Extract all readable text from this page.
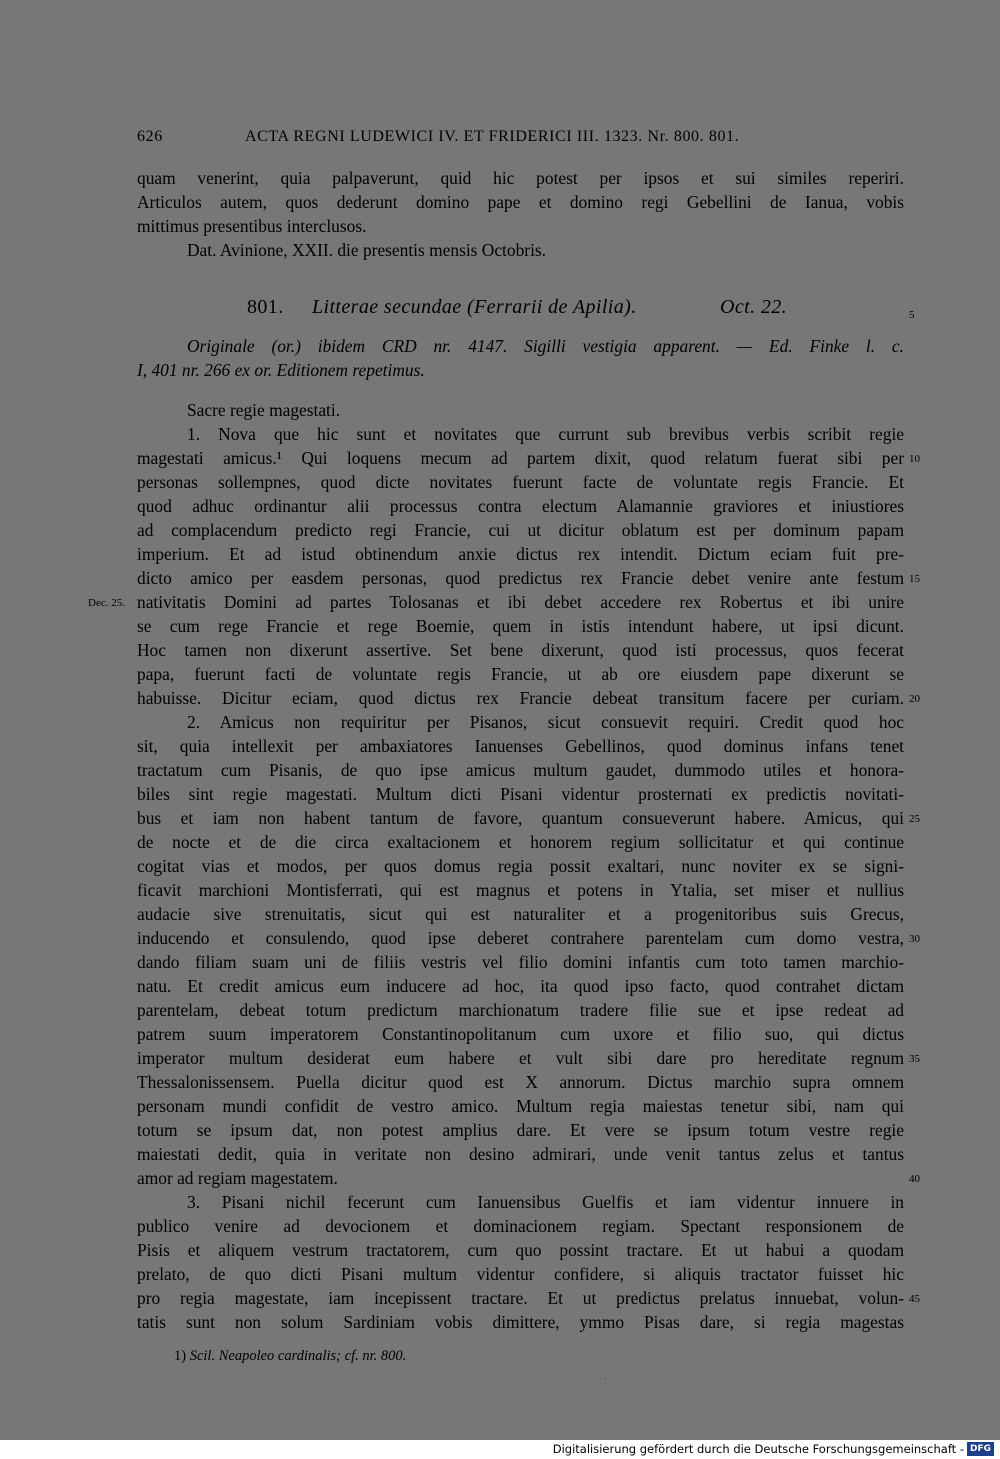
626	ACTA REGNI LUDEWICI IV. ET FRIDERICI III. 1323. Nr. 800. 801.
quam venerint, quia palpaverunt, quid hic potest per ipsos et sui similes reperiri.
Articulos autem, quos dederunt domino pape et domino regi Gebellini de Ianua, vobis
mittimus presentibus interclusos.
Dat. Avinione, XXII. die presentis mensis Octobris.
801. Litterae secundae (Ferrarii de Apilia).	Oct. 22.	5
Originale (or.) ibidem CRD nr. 4147. Sigilli vestigia apparent. — Ed. Finke l. c.
I, 401 nr. 266 ex or. Editionem repetimus.
Sacre regie magestati.
1. Nova que hic sunt et novitates que currunt sub brevibus verbis scribit regie
magestati amicus.¹ Qui loquens mecum ad partem dixit, quod relatum fuerat sibi per
personas sollempnes, quod dicte novitates fuerunt facte de voluntate regis Francie. Et
quod adhuc ordinantur alii processus contra electum Alamannie graviores et iniustiores
ad complacendum predicto regi Francie, cui ut dicitur oblatum est per dominum papam
imperium. Et ad istud obtinendum anxie dictus rex intendit. Dictum eciam fuit pre-
dicto amico per easdem personas, quod predictus rex Francie debet venire ante festum
nativitatis Domini ad partes Tolosanas et ibi debet accedere rex Robertus et ibi unire
se cum rege Francie et rege Boemie, quem in istis intendunt habere, ut ipsi dicunt.
Hoc tamen non dixerunt assertive. Set bene dixerunt, quod isti processus, quos fecerat
papa, fuerunt facti de voluntate regis Francie, ut ab ore eiusdem pape dixerunt se
habuisse. Dicitur eciam, quod dictus rex Francie debeat transitum facere per curiam.
2. Amicus non requiritur per Pisanos, sicut consuevit requiri. Credit quod hoc
sit, quia intellexit per ambaxiatores Ianuenses Gebellinos, quod dominus infans tenet
tractatum cum Pisanis, de quo ipse amicus multum gaudet, dummodo utiles et honora-
biles sint regie magestati. Multum dicti Pisani videntur prosternati ex predictis novitati-
bus et iam non habent tantum de favore, quantum consueverunt habere. Amicus, qui
de nocte et de die circa exaltacionem et honorem regium sollicitatur et qui continue
cogitat vias et modos, per quos domus regia possit exaltari, nunc noviter ex se signi-
ficavit marchioni Montisferrati, qui est magnus et potens in Ytalia, set miser et nullius
audacie sive strenuitatis, sicut qui est naturaliter et a progenitoribus suis Grecus,
inducendo et consulendo, quod ipse deberet contrahere parentelam cum domo vestra,
dando filiam suam uni de filiis vestris vel filio domini infantis cum toto tamen marchio-
natu. Et credit amicus eum inducere ad hoc, ita quod ipso facto, quod contrahet dictam
parentelam, debeat totum predictum marchionatum tradere filie sue et ipse redeat ad
patrem suum imperatorem Constantinopolitanum cum uxore et filio suo, qui dictus
imperator multum desiderat eum habere et vult sibi dare pro hereditate regnum
Thessalonissensem. Puella dicitur quod est X annorum. Dictus marchio supra omnem
personam mundi confidit de vestro amico. Multum regia maiestas tenetur sibi, nam qui
totum se ipsum dat, non potest amplius dare. Et vere se ipsum totum vestre regie
maiestati dedit, quia in veritate non desino admirari, unde venit tantus zelus et tantus
amor ad regiam magestatem.
3. Pisani nichil fecerunt cum Ianuensibus Guelfis et iam videntur innuere in
publico venire ad devocionem et dominacionem regiam. Spectant responsionem de
Pisis et aliquem vestrum tractatorem, cum quo possint tractare. Et ut habui a quodam
prelato, de quo dicti Pisani multum videntur confidere, si aliquis tractator fuisset hic
pro regia magestate, iam incepissent tractare. Et ut predictus prelatus innuebat, volun-
tatis sunt non solum Sardiniam vobis dimittere, ymmo Pisas dare, si regia magestas
10
15
20
25
30
35
40
45
Dec. 25.
1) Scil. Neapoleo cardinalis; cf. nr. 800.
Digitalisierung gefördert durch die Deutsche Forschungsgemeinschaft - DFG
